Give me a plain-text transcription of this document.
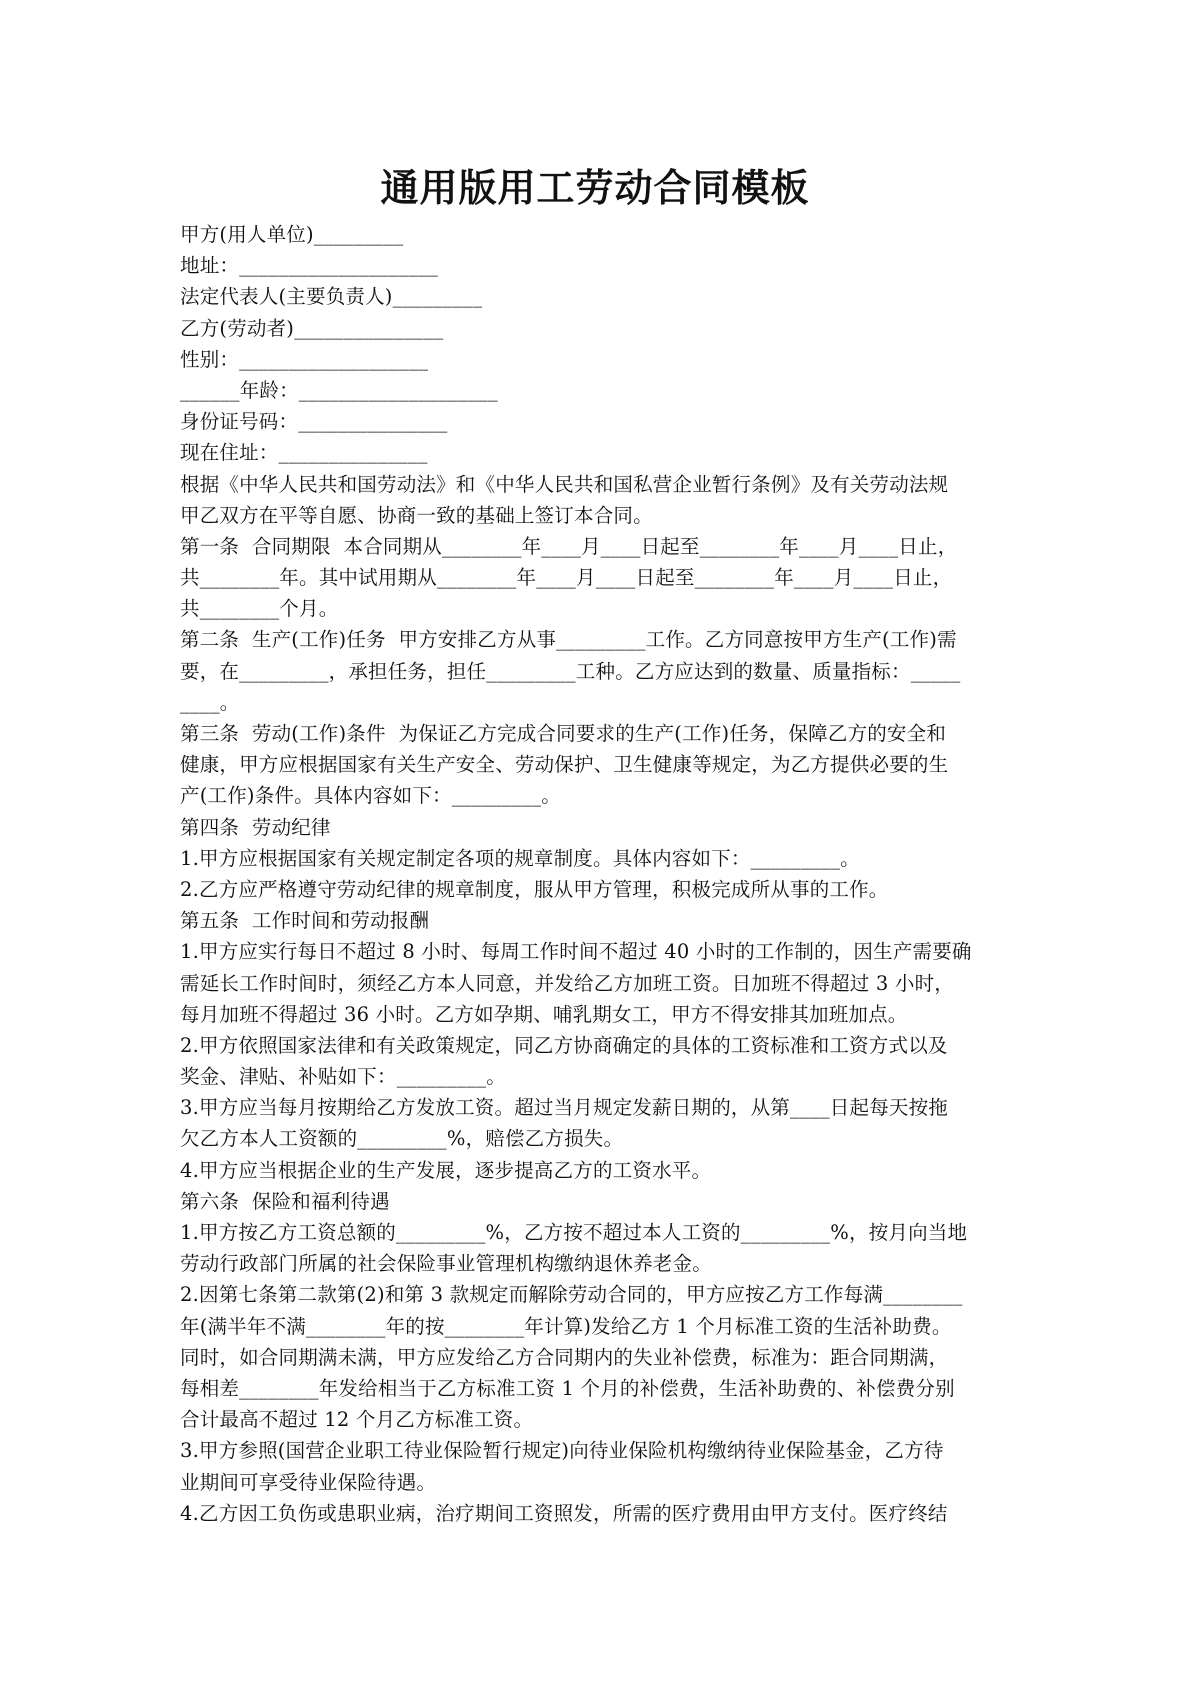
通用版用工劳动合同模板
甲方(用人单位)_________
地址：____________________
法定代表人(主要负责人)_________
乙方(劳动者)_______________
性别：___________________
______年龄：____________________
身份证号码：_______________
现在住址：_______________
根据《中华人民共和国劳动法》和《中华人民共和国私营企业暂行条例》及有关劳动法规
甲乙双方在平等自愿、协商一致的基础上签订本合同。
第一条  合同期限  本合同期从________年____月____日起至________年____月____日止，
共________年。其中试用期从________年____月____日起至________年____月____日止，
共________个月。
第二条  生产(工作)任务  甲方安排乙方从事_________工作。乙方同意按甲方生产(工作)需
要，在_________，承担任务，担任_________工种。乙方应达到的数量、质量指标：_____
____。
第三条  劳动(工作)条件  为保证乙方完成合同要求的生产(工作)任务，保障乙方的安全和
健康，甲方应根据国家有关生产安全、劳动保护、卫生健康等规定，为乙方提供必要的生
产(工作)条件。具体内容如下：_________。
第四条  劳动纪律
1.甲方应根据国家有关规定制定各项的规章制度。具体内容如下：_________。
2.乙方应严格遵守劳动纪律的规章制度，服从甲方管理，积极完成所从事的工作。
第五条  工作时间和劳动报酬
1.甲方应实行每日不超过 8 小时、每周工作时间不超过 40 小时的工作制的，因生产需要确
需延长工作时间时，须经乙方本人同意，并发给乙方加班工资。日加班不得超过 3 小时，
每月加班不得超过 36 小时。乙方如孕期、哺乳期女工，甲方不得安排其加班加点。
2.甲方依照国家法律和有关政策规定，同乙方协商确定的具体的工资标准和工资方式以及
奖金、津贴、补贴如下：_________。
3.甲方应当每月按期给乙方发放工资。超过当月规定发薪日期的，从第____日起每天按拖
欠乙方本人工资额的_________%，赔偿乙方损失。
4.甲方应当根据企业的生产发展，逐步提高乙方的工资水平。
第六条  保险和福利待遇
1.甲方按乙方工资总额的_________%，乙方按不超过本人工资的_________%，按月向当地
劳动行政部门所属的社会保险事业管理机构缴纳退休养老金。
2.因第七条第二款第(2)和第 3 款规定而解除劳动合同的，甲方应按乙方工作每满________
年(满半年不满________年的按________年计算)发给乙方 1 个月标准工资的生活补助费。
同时，如合同期满未满，甲方应发给乙方合同期内的失业补偿费，标准为：距合同期满，
每相差________年发给相当于乙方标准工资 1 个月的补偿费，生活补助费的、补偿费分别
合计最高不超过 12 个月乙方标准工资。
3.甲方参照(国营企业职工待业保险暂行规定)向待业保险机构缴纳待业保险基金，乙方待
业期间可享受待业保险待遇。
4.乙方因工负伤或患职业病，治疗期间工资照发，所需的医疗费用由甲方支付。医疗终结
